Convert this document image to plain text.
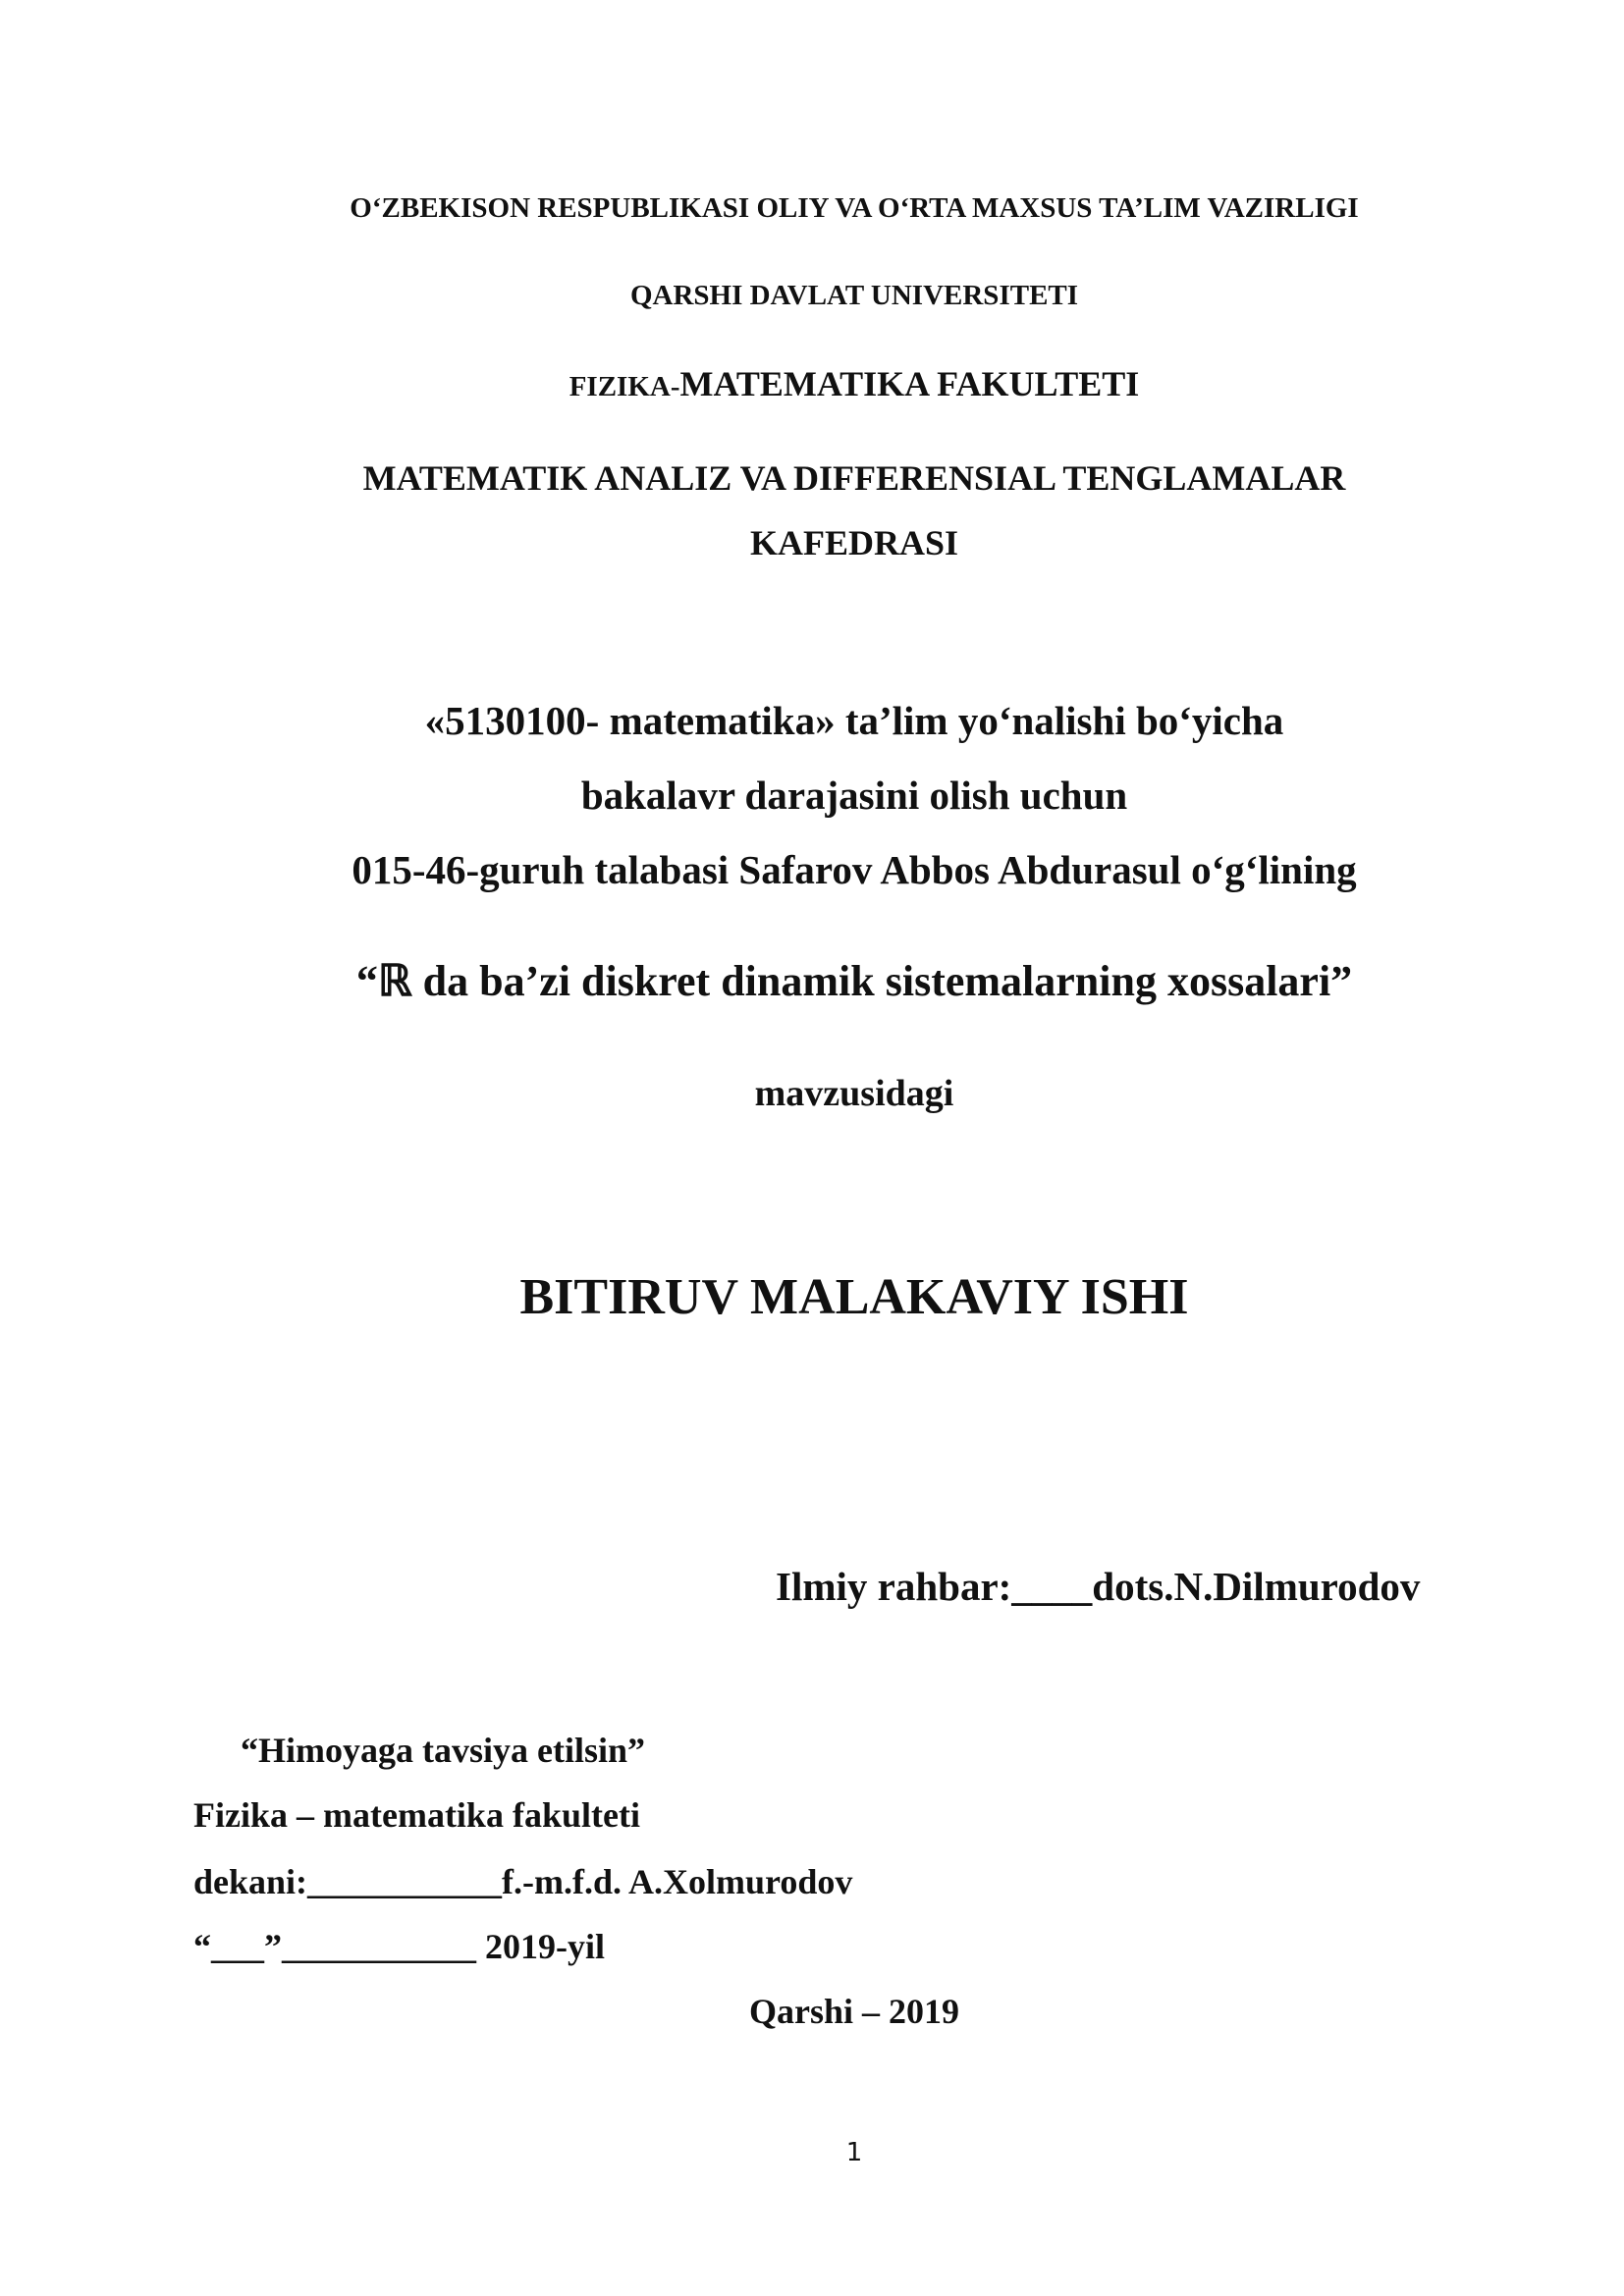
O‘ZBEKISON RESPUBLIKASI OLIY VA O‘RTA MAXSUS TA’LIM VAZIRLIGI
QARSHI DAVLAT UNIVERSITETI
FIZIKA-MATEMATIKA FAKULTETI
MATEMATIK ANALIZ VA DIFFERENSIAL TENGLAMALAR
KAFEDRASI
«5130100- matematika» ta’lim yo‘nalishi bo‘yicha
bakalavr darajasini olish uchun
015-46-guruh talabasi Safarov Abbos Abdurasul o‘g‘lining
“ℝ da ba’zi diskret dinamik sistemalarning xossalari”
mavzusidagi
BITIRUV MALAKAVIY ISHI
Ilmiy rahbar:____dots.N.Dilmurodov
“Himoyaga tavsiya etilsin”
Fizika – matematika fakulteti
dekani:___________f.-m.f.d. A.Xolmurodov
“___”___________ 2019-yil
Qarshi – 2019
1
